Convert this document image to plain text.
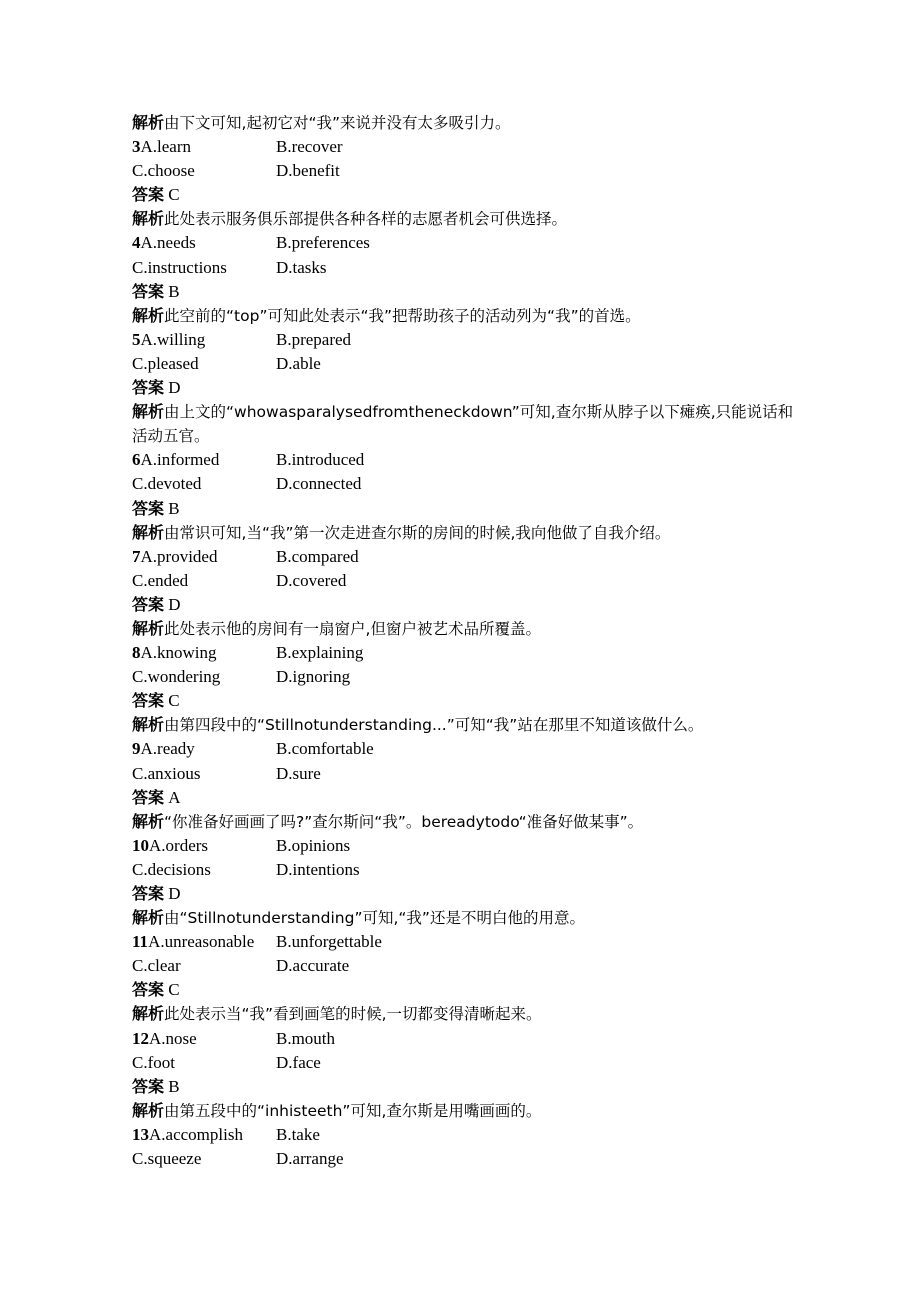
解析由下文可知,起初它对“我”来说并没有太多吸引力。
3A.learn	B.recover
C.choose	D.benefit
答案 C
解析此处表示服务俱乐部提供各种各样的志愿者机会可供选择。
4A.needs	B.preferences
C.instructions	D.tasks
答案 B
解析此空前的“top”可知此处表示“我”把帮助孩子的活动列为“我”的首选。
5A.willing	B.prepared
C.pleased	D.able
答案 D
解析由上文的“whowasparalysedfromtheneckdown”可知,查尔斯从脖子以下瘫痪,只能说话和活动五官。
6A.informed	B.introduced
C.devoted	D.connected
答案 B
解析由常识可知,当“我”第一次走进查尔斯的房间的时候,我向他做了自我介绍。
7A.provided	B.compared
C.ended	D.covered
答案 D
解析此处表示他的房间有一扇窗户,但窗户被艺术品所覆盖。
8A.knowing	B.explaining
C.wondering	D.ignoring
答案 C
解析由第四段中的“Stillnotunderstanding...”可知“我”站在那里不知道该做什么。
9A.ready	B.comfortable
C.anxious	D.sure
答案 A
解析“你准备好画画了吗?”查尔斯问“我”。bereadytodo“准备好做某事”。
10A.orders	B.opinions
C.decisions	D.intentions
答案 D
解析由“Stillnotunderstanding”可知,“我”还是不明白他的用意。
11A.unreasonable B.unforgettable
C.clear	D.accurate
答案 C
解析此处表示当“我”看到画笔的时候,一切都变得清晰起来。
12A.nose	B.mouth
C.foot	D.face
答案 B
解析由第五段中的“inhisteeth”可知,查尔斯是用嘴画画的。
13A.accomplish B.take
C.squeeze	D.arrange
